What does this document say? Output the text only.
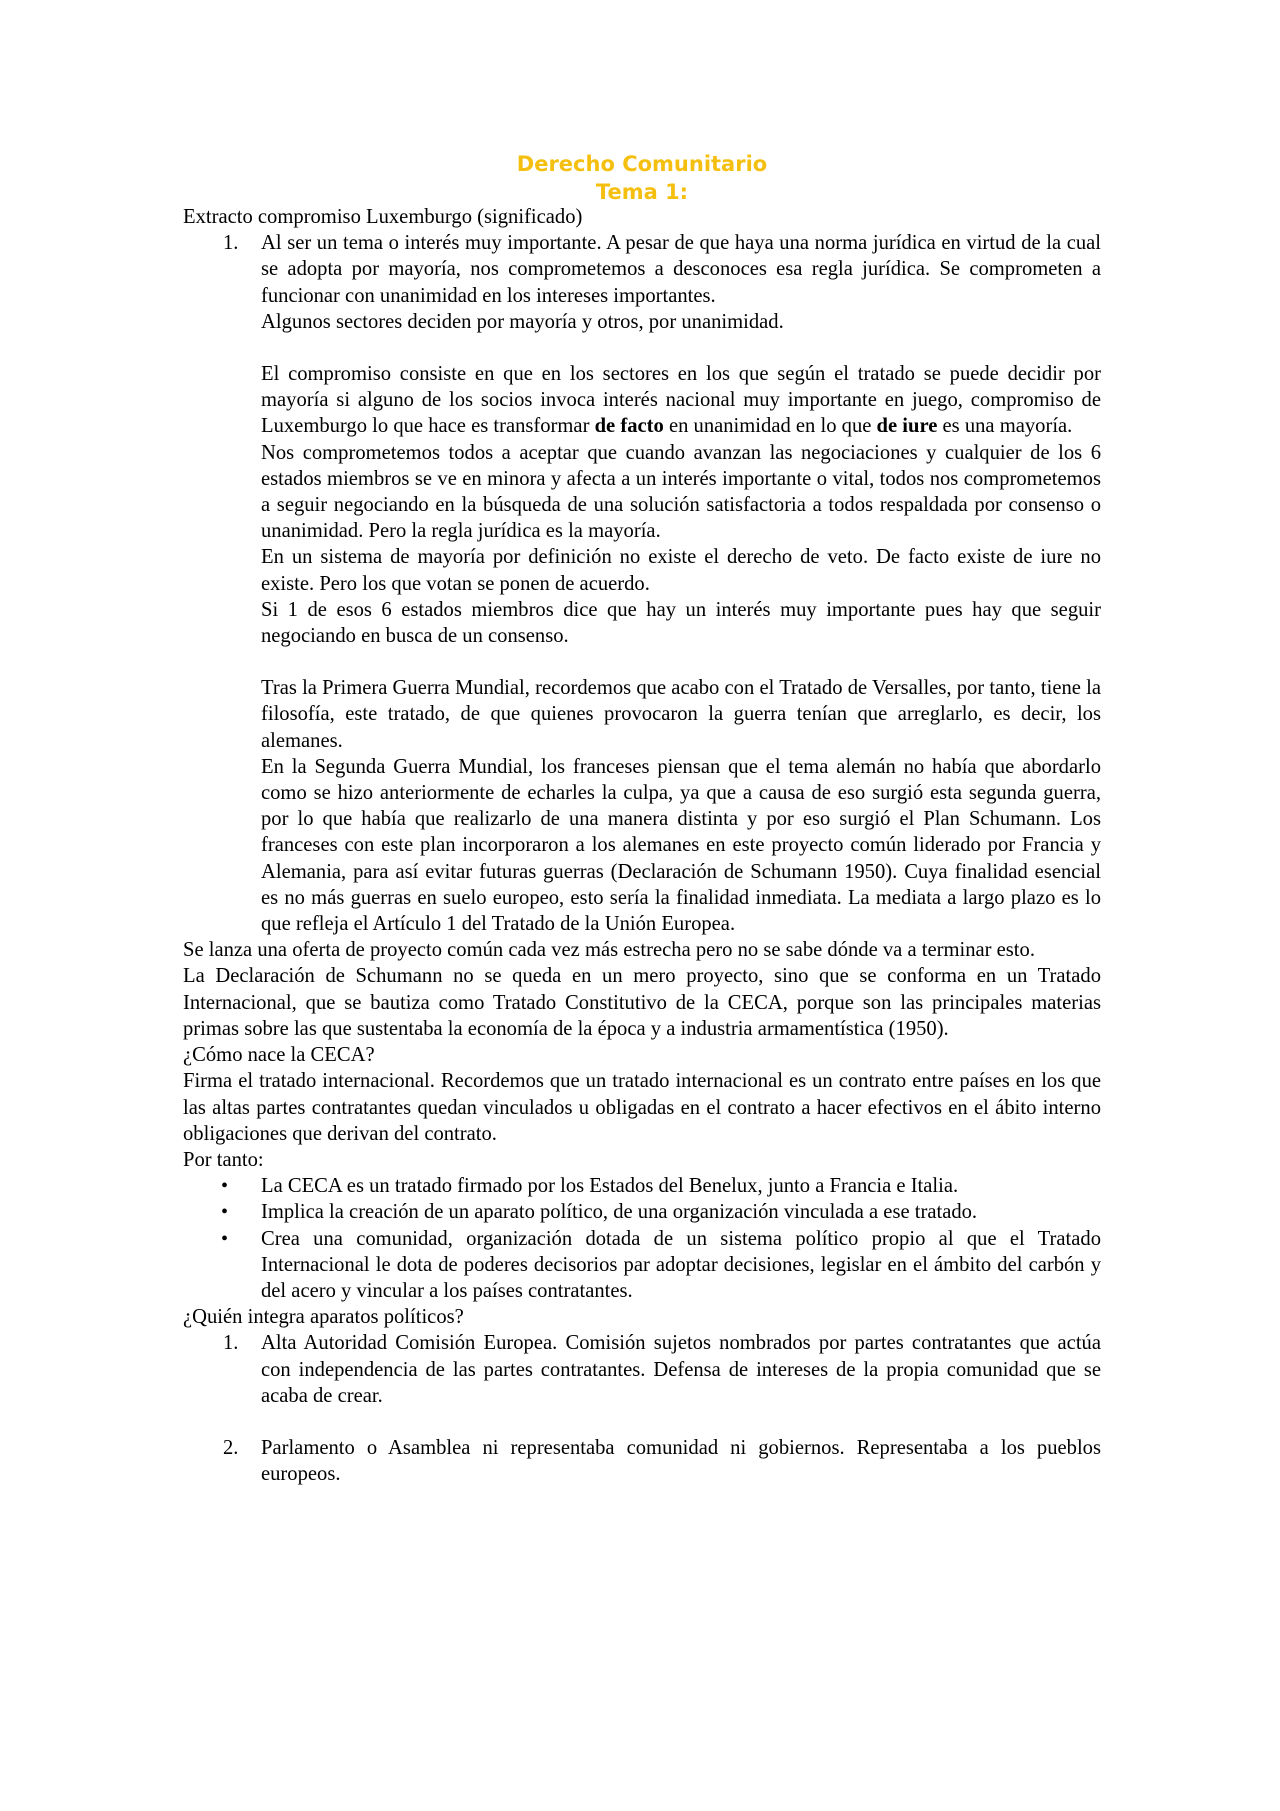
Derecho Comunitario
Tema 1:

Extracto compromiso Luxemburgo (significado)

1.	Al ser un tema o interés muy importante. A pesar de que haya una norma jurídica en virtud de la cual se adopta por mayoría, nos comprometemos a desconoces esa regla jurídica. Se comprometen a funcionar con unanimidad en los intereses importantes.

Algunos sectores deciden por mayoría y otros, por unanimidad.

El compromiso consiste en que en los sectores en los que según el tratado se puede decidir por mayoría si alguno de los socios invoca interés nacional muy importante en juego, compromiso de Luxemburgo lo que hace es transformar de facto en unanimidad en lo que de iure es una mayoría.

Nos comprometemos todos a aceptar que cuando avanzan las negociaciones y cualquier de los 6 estados miembros se ve en minora y afecta a un interés importante o vital, todos nos comprometemos a seguir negociando en la búsqueda de una solución satisfactoria a todos respaldada por consenso o unanimidad. Pero la regla jurídica es la mayoría.

En un sistema de mayoría por definición no existe el derecho de veto. De facto existe de iure no existe. Pero los que votan se ponen de acuerdo.

Si 1 de esos 6 estados miembros dice que hay un interés muy importante pues hay que seguir negociando en busca de un consenso.

Tras la Primera Guerra Mundial, recordemos que acabo con el Tratado de Versalles, por tanto, tiene la filosofía, este tratado, de que quienes provocaron la guerra tenían que arreglarlo, es decir, los alemanes.

En la Segunda Guerra Mundial, los franceses piensan que el tema alemán no había que abordarlo como se hizo anteriormente de echarles la culpa, ya que a causa de eso surgió esta segunda guerra, por lo que había que realizarlo de una manera distinta y por eso surgió el Plan Schumann. Los franceses con este plan incorporaron a los alemanes en este proyecto común liderado por Francia y Alemania, para así evitar futuras guerras (Declaración de Schumann 1950). Cuya finalidad esencial es no más guerras en suelo europeo, esto sería la finalidad inmediata. La mediata a largo plazo es lo que refleja el Artículo 1 del Tratado de la Unión Europea.

Se lanza una oferta de proyecto común cada vez más estrecha pero no se sabe dónde va a terminar esto.

La Declaración de Schumann no se queda en un mero proyecto, sino que se conforma en un Tratado Internacional, que se bautiza como Tratado Constitutivo de la CECA, porque son las principales materias primas sobre las que sustentaba la economía de la época y a industria armamentística (1950).

¿Cómo nace la CECA?

Firma el tratado internacional. Recordemos que un tratado internacional es un contrato entre países en los que las altas partes contratantes quedan vinculados u obligadas en el contrato a hacer efectivos en el ábito interno obligaciones que derivan del contrato.

Por tanto:

•	La CECA es un tratado firmado por los Estados del Benelux, junto a Francia e Italia.

•	Implica la creación de un aparato político, de una organización vinculada a ese tratado.

•	Crea una comunidad, organización dotada de un sistema político propio al que el Tratado Internacional le dota de poderes decisorios par adoptar decisiones, legislar en el ámbito del carbón y del acero y vincular a los países contratantes.

¿Quién integra aparatos políticos?

1.	Alta Autoridad Comisión Europea. Comisión sujetos nombrados por partes contratantes que actúa con independencia de las partes contratantes. Defensa de intereses de la propia comunidad que se acaba de crear.

2.	Parlamento o Asamblea ni representaba comunidad ni gobiernos. Representaba a los pueblos europeos.
